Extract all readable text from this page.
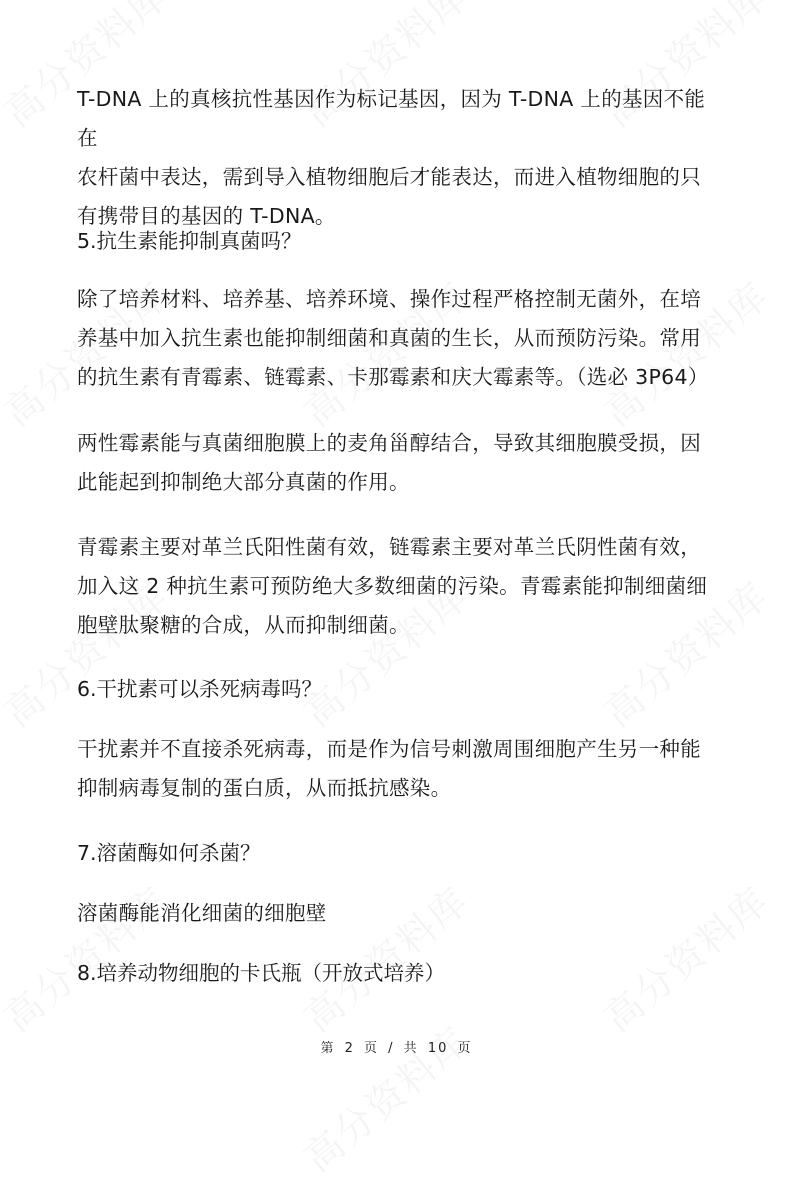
T-DNA 上的真核抗性基因作为标记基因，因为 T-DNA 上的基因不能在
农杆菌中表达，需到导入植物细胞后才能表达，而进入植物细胞的只
有携带目的基因的 T-DNA。
5.抗生素能抑制真菌吗？
除了培养材料、培养基、培养环境、操作过程严格控制无菌外，在培
养基中加入抗生素也能抑制细菌和真菌的生长，从而预防污染。常用
的抗生素有青霉素、链霉素、卡那霉素和庆大霉素等。（选必 3P64）
两性霉素能与真菌细胞膜上的麦角甾醇结合，导致其细胞膜受损，因
此能起到抑制绝大部分真菌的作用。
青霉素主要对革兰氏阳性菌有效，链霉素主要对革兰氏阴性菌有效，
加入这 2 种抗生素可预防绝大多数细菌的污染。青霉素能抑制细菌细
胞壁肽聚糖的合成，从而抑制细菌。
6.干扰素可以杀死病毒吗？
干扰素并不直接杀死病毒，而是作为信号刺激周围细胞产生另一种能
抑制病毒复制的蛋白质，从而抵抗感染。
7.溶菌酶如何杀菌？
溶菌酶能消化细菌的细胞壁
8.培养动物细胞的卡氏瓶（开放式培养）
第 2 页 / 共 10 页
